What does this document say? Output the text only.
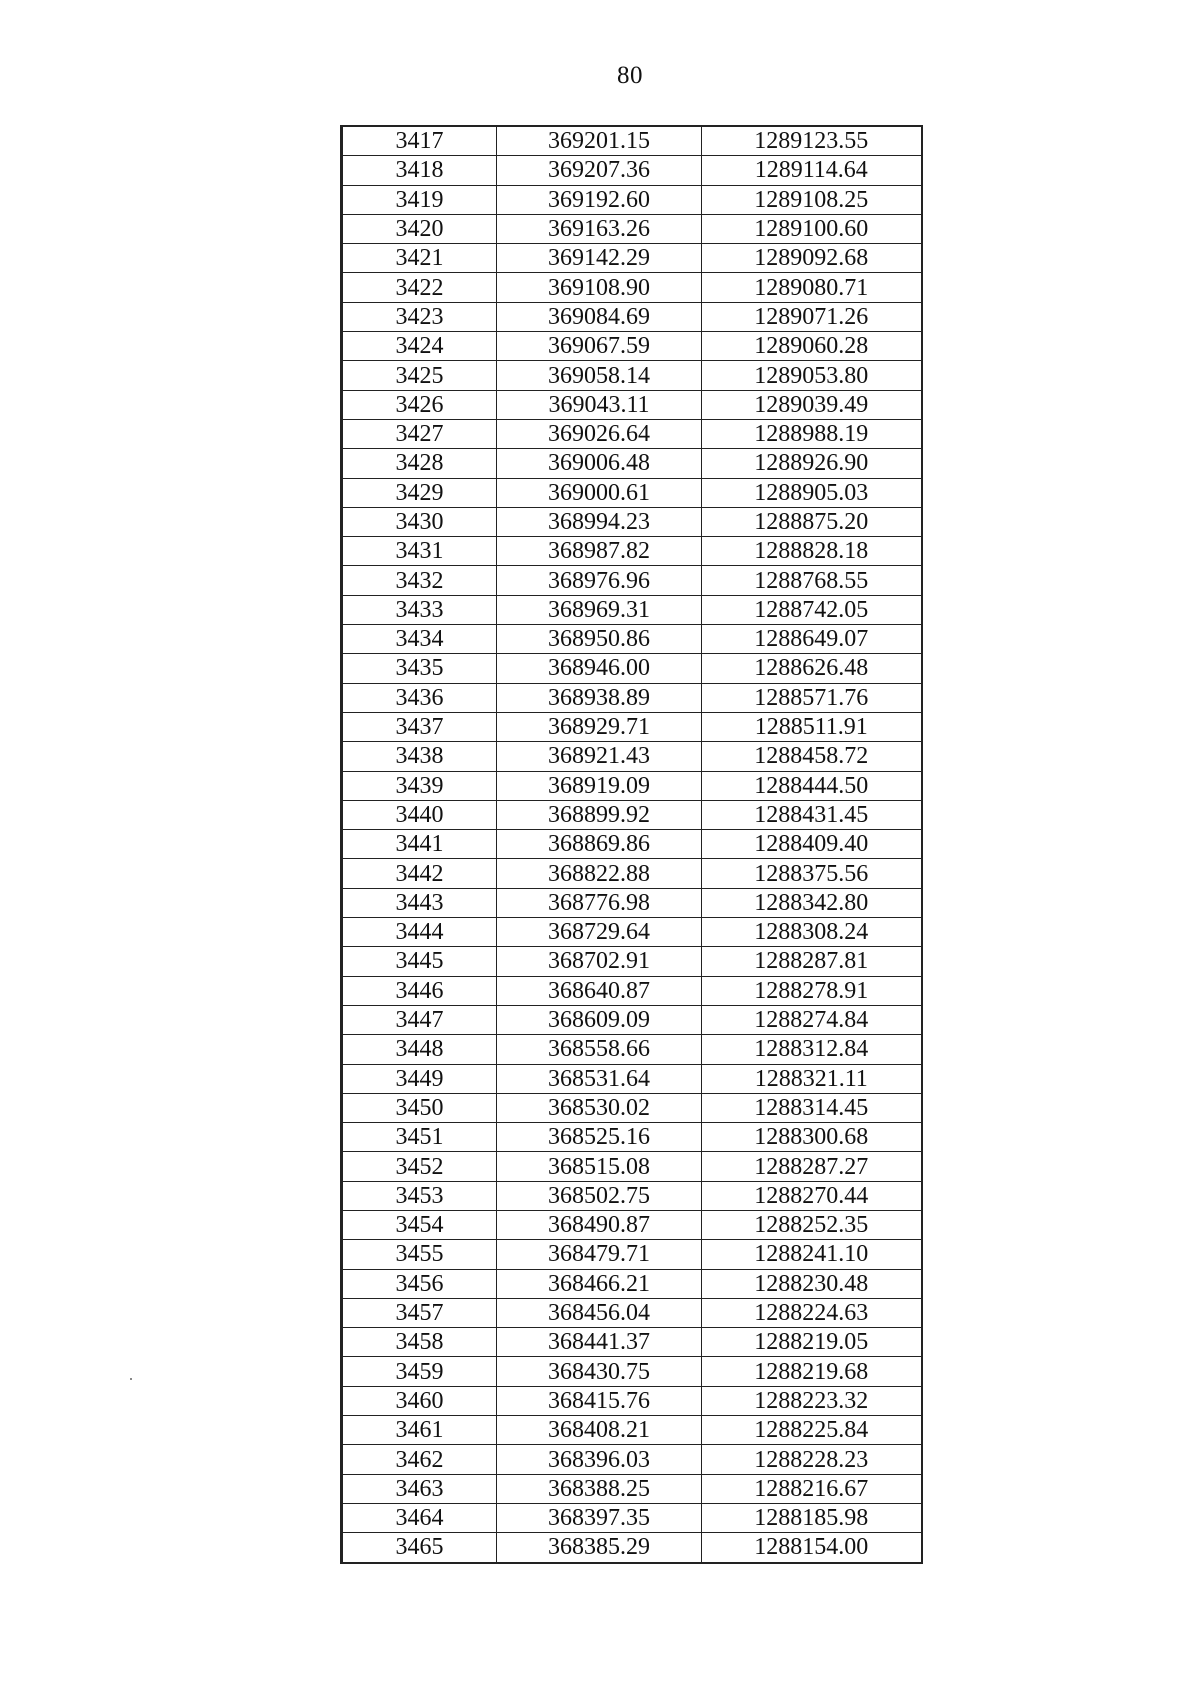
80
3417	369201.15	1289123.55
3418	369207.36	1289114.64
3419	369192.60	1289108.25
3420	369163.26	1289100.60
3421	369142.29	1289092.68
3422	369108.90	1289080.71
3423	369084.69	1289071.26
3424	369067.59	1289060.28
3425	369058.14	1289053.80
3426	369043.11	1289039.49
3427	369026.64	1288988.19
3428	369006.48	1288926.90
3429	369000.61	1288905.03
3430	368994.23	1288875.20
3431	368987.82	1288828.18
3432	368976.96	1288768.55
3433	368969.31	1288742.05
3434	368950.86	1288649.07
3435	368946.00	1288626.48
3436	368938.89	1288571.76
3437	368929.71	1288511.91
3438	368921.43	1288458.72
3439	368919.09	1288444.50
3440	368899.92	1288431.45
3441	368869.86	1288409.40
3442	368822.88	1288375.56
3443	368776.98	1288342.80
3444	368729.64	1288308.24
3445	368702.91	1288287.81
3446	368640.87	1288278.91
3447	368609.09	1288274.84
3448	368558.66	1288312.84
3449	368531.64	1288321.11
3450	368530.02	1288314.45
3451	368525.16	1288300.68
3452	368515.08	1288287.27
3453	368502.75	1288270.44
3454	368490.87	1288252.35
3455	368479.71	1288241.10
3456	368466.21	1288230.48
3457	368456.04	1288224.63
3458	368441.37	1288219.05
3459	368430.75	1288219.68
3460	368415.76	1288223.32
3461	368408.21	1288225.84
3462	368396.03	1288228.23
3463	368388.25	1288216.67
3464	368397.35	1288185.98
3465	368385.29	1288154.00
